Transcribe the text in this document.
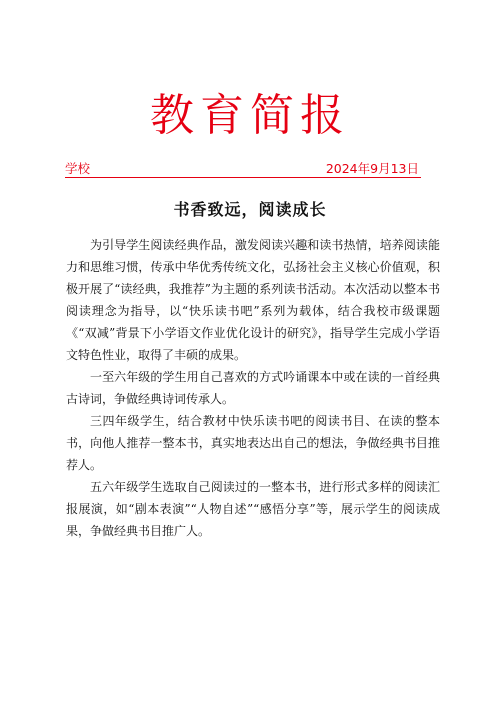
教育简报
学校	2024年9月13日
书香致远，阅读成长

为引导学生阅读经典作品，激发阅读兴趣和读书热情，培养阅读能力和思维习惯，传承中华优秀传统文化，弘扬社会主义核心价值观，积极开展了“读经典，我推荐”为主题的系列读书活动。本次活动以整本书阅读理念为指导，以“快乐读书吧”系列为载体，结合我校市级课题《“双减”背景下小学语文作业优化设计的研究》，指导学生完成小学语文特色性业，取得了丰硕的成果。

一至六年级的学生用自己喜欢的方式吟诵课本中或在读的一首经典古诗词，争做经典诗词传承人。

三四年级学生，结合教材中快乐读书吧的阅读书目、在读的整本书，向他人推荐一整本书，真实地表达出自己的想法，争做经典书目推荐人。

五六年级学生选取自己阅读过的一整本书，进行形式多样的阅读汇报展演，如“剧本表演”“人物自述”“感悟分享”等，展示学生的阅读成果，争做经典书目推广人。
